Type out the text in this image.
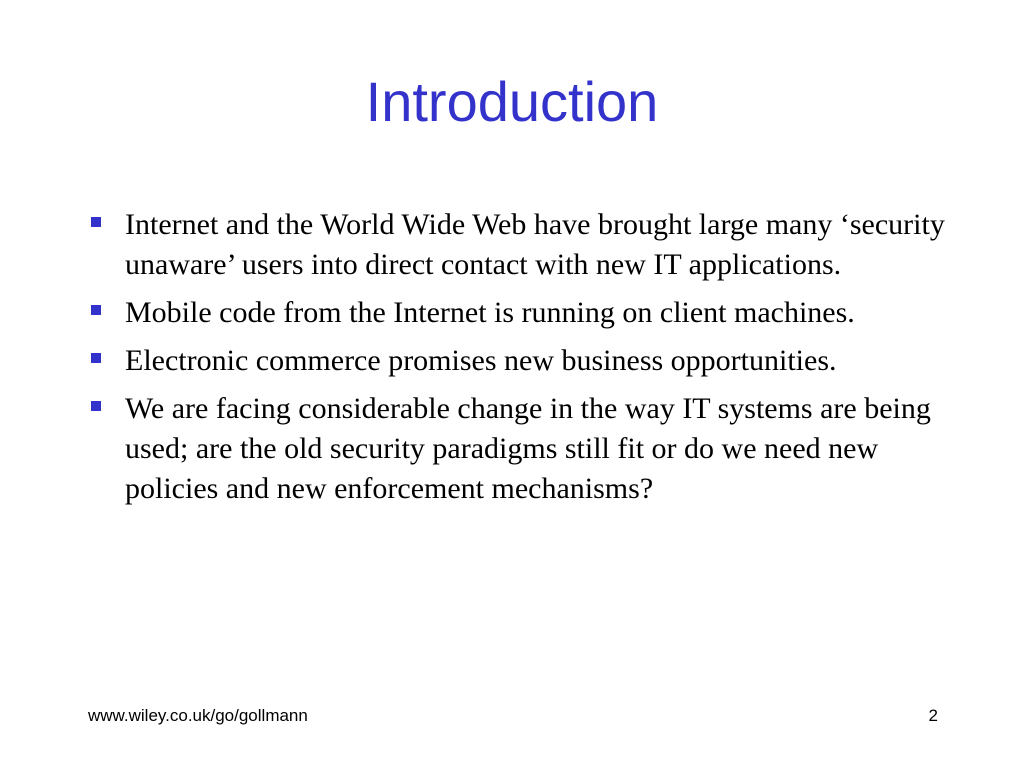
Introduction
Internet and the World Wide Web have brought large many ‘security unaware’ users into direct contact with new IT applications.
Mobile code from the Internet is running on client machines.
Electronic commerce promises new business opportunities.
We are facing considerable change in the way IT systems are being used; are the old security paradigms still fit or do we need new policies and new enforcement mechanisms?
www.wiley.co.uk/go/gollmann	2
